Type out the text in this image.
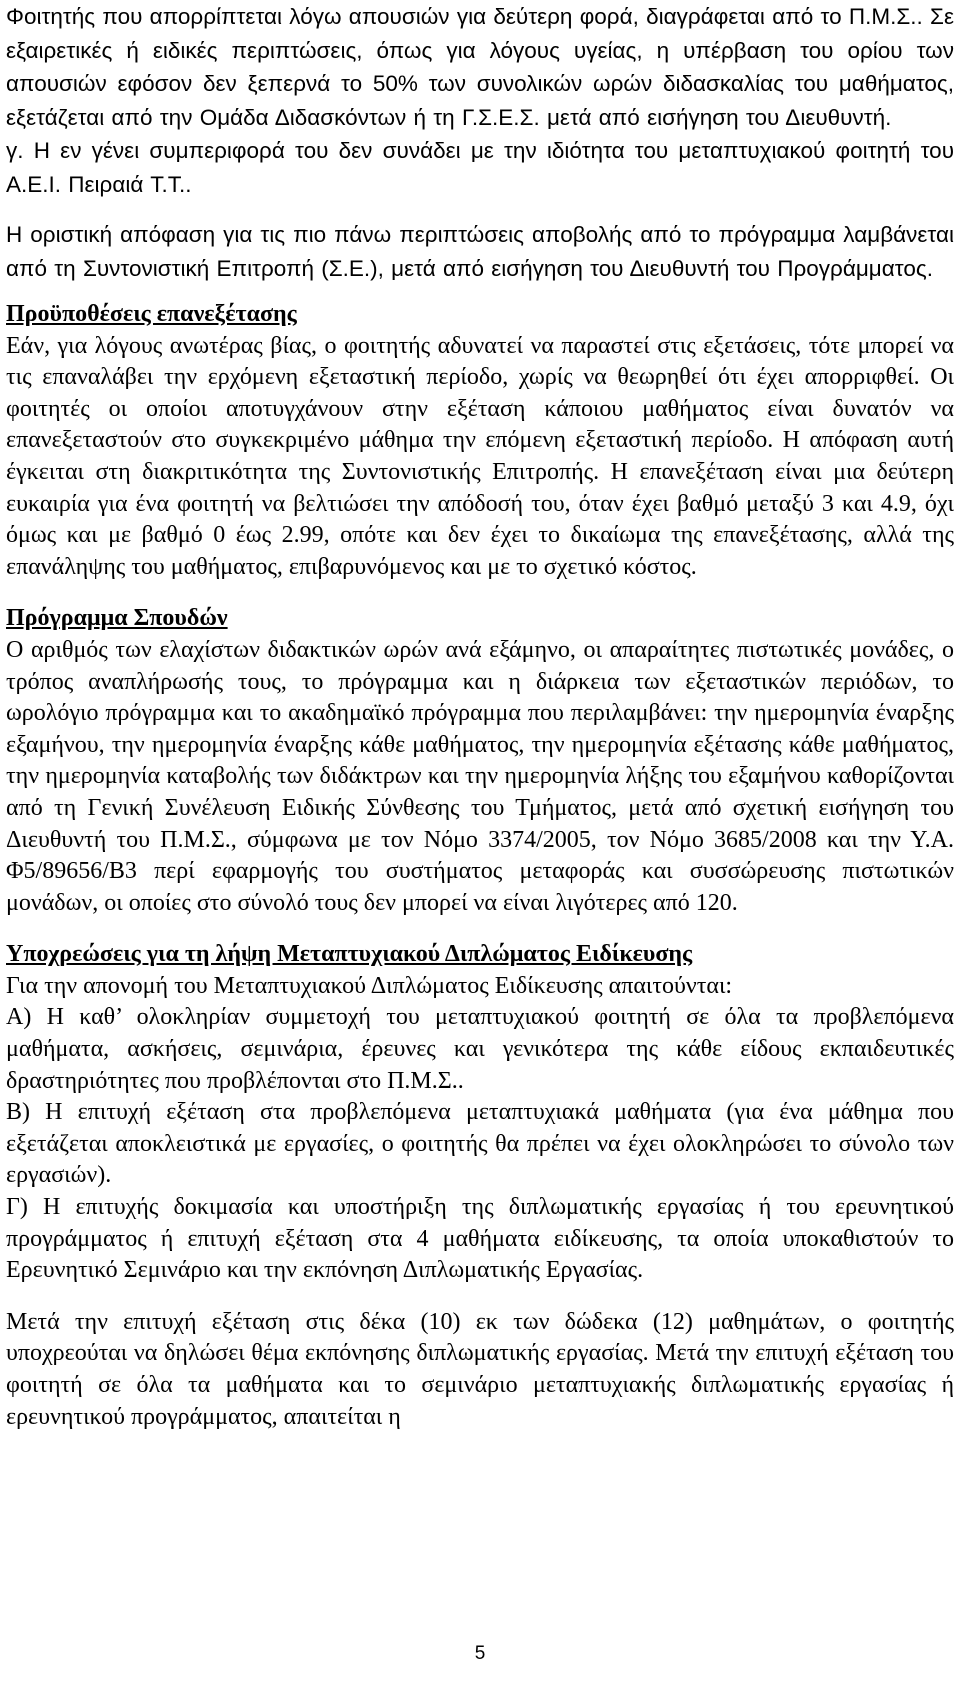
Φοιτητής που απορρίπτεται λόγω απουσιών για δεύτερη φορά, διαγράφεται από το Π.Μ.Σ.. Σε εξαιρετικές ή ειδικές περιπτώσεις, όπως για λόγους υγείας, η υπέρβαση του ορίου των απουσιών εφόσον δεν ξεπερνά το 50% των συνολικών ωρών διδασκαλίας του μαθήματος, εξετάζεται από την Ομάδα Διδασκόντων ή τη Γ.Σ.Ε.Σ. μετά από εισήγηση του Διευθυντή.

γ. Η εν γένει συμπεριφορά του δεν συνάδει με την ιδιότητα του μεταπτυχιακού φοιτητή του Α.Ε.Ι. Πειραιά Τ.Τ..

Η οριστική απόφαση για τις πιο πάνω περιπτώσεις αποβολής από το πρόγραμμα λαμβάνεται από τη Συντονιστική Επιτροπή (Σ.Ε.), μετά από εισήγηση του Διευθυντή του Προγράμματος.

Προϋποθέσεις επανεξέτασης
Εάν, για λόγους ανωτέρας βίας, ο φοιτητής αδυνατεί να παραστεί στις εξετάσεις, τότε μπορεί να τις επαναλάβει την ερχόμενη εξεταστική περίοδο, χωρίς να θεωρηθεί ότι έχει απορριφθεί. Οι φοιτητές οι οποίοι αποτυγχάνουν στην εξέταση κάποιου μαθήματος είναι δυνατόν να επανεξεταστούν στο συγκεκριμένο μάθημα την επόμενη εξεταστική περίοδο. Η απόφαση αυτή έγκειται στη διακριτικότητα της Συντονιστικής Επιτροπής. Η επανεξέταση είναι μια δεύτερη ευκαιρία για ένα φοιτητή να βελτιώσει την απόδοσή του, όταν έχει βαθμό μεταξύ 3 και 4.9, όχι όμως και με βαθμό 0 έως 2.99, οπότε και δεν έχει το δικαίωμα της επανεξέτασης, αλλά της επανάληψης του μαθήματος, επιβαρυνόμενος και με το σχετικό κόστος.
Πρόγραμμα Σπουδών
Ο αριθμός των ελαχίστων διδακτικών ωρών ανά εξάμηνο, οι απαραίτητες πιστωτικές μονάδες, ο τρόπος αναπλήρωσής τους, το πρόγραμμα και η διάρκεια των εξεταστικών περιόδων, το ωρολόγιο πρόγραμμα και το ακαδημαϊκό πρόγραμμα που περιλαμβάνει: την ημερομηνία έναρξης εξαμήνου, την ημερομηνία έναρξης κάθε μαθήματος, την ημερομηνία εξέτασης κάθε μαθήματος, την ημερομηνία καταβολής των διδάκτρων και την ημερομηνία λήξης του εξαμήνου καθορίζονται από τη Γενική Συνέλευση Ειδικής Σύνθεσης του Τμήματος, μετά από σχετική εισήγηση του Διευθυντή του Π.Μ.Σ., σύμφωνα με τον Νόμο 3374/2005, τον Νόμο 3685/2008 και την Υ.Α. Φ5/89656/Β3 περί εφαρμογής του συστήματος μεταφοράς και συσσώρευσης πιστωτικών μονάδων, οι οποίες στο σύνολό τους δεν μπορεί να είναι λιγότερες από 120.
Υποχρεώσεις για τη λήψη Μεταπτυχιακού Διπλώματος Ειδίκευσης
Για την απονομή του Μεταπτυχιακού Διπλώματος Ειδίκευσης απαιτούνται:
Α) Η καθ’ ολοκληρίαν συμμετοχή του μεταπτυχιακού φοιτητή σε όλα τα προβλεπόμενα μαθήματα, ασκήσεις, σεμινάρια, έρευνες και γενικότερα της κάθε είδους εκπαιδευτικές δραστηριότητες που προβλέπονται στο Π.Μ.Σ..
Β) Η επιτυχή εξέταση στα προβλεπόμενα μεταπτυχιακά μαθήματα (για ένα μάθημα που εξετάζεται αποκλειστικά με εργασίες, ο φοιτητής θα πρέπει να έχει ολοκληρώσει το σύνολο των εργασιών).
Γ) Η επιτυχής δοκιμασία και υποστήριξη της διπλωματικής εργασίας ή του ερευνητικού προγράμματος ή επιτυχή εξέταση στα 4 μαθήματα ειδίκευσης, τα οποία υποκαθιστούν το Ερευνητικό Σεμινάριο και την εκπόνηση Διπλωματικής Εργασίας.
Μετά την επιτυχή εξέταση στις δέκα (10) εκ των δώδεκα (12) μαθημάτων, ο φοιτητής υποχρεούται να δηλώσει θέμα εκπόνησης διπλωματικής εργασίας. Μετά την επιτυχή εξέταση του φοιτητή σε όλα τα μαθήματα και το σεμινάριο μεταπτυχιακής διπλωματικής εργασίας ή ερευνητικού προγράμματος, απαιτείται η
5
